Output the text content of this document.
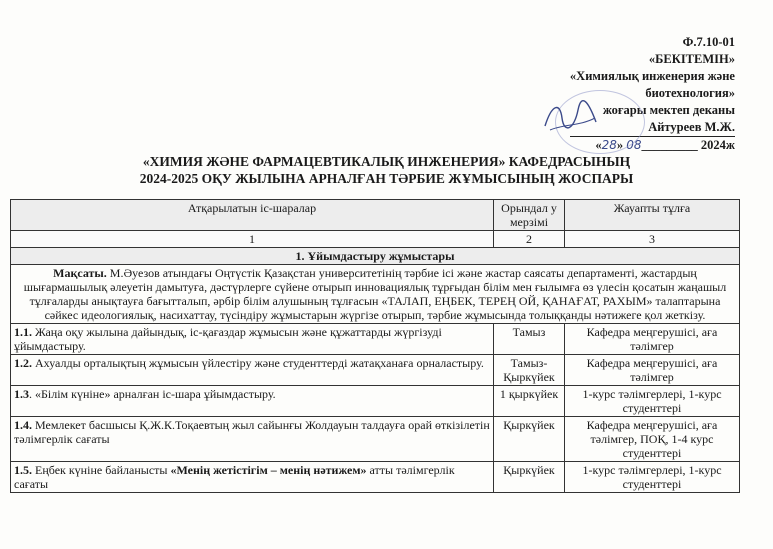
Ф.7.10-01
«БЕКІТЕМІН»
«Химиялық инженерия және
биотехнология»
жоғары мектеп деканы
Айтуреев М.Ж.
«28» 08_________ 2024ж
«ХИМИЯ ЖӘНЕ ФАРМАЦЕВТИКАЛЫҚ ИНЖЕНЕРИЯ» КАФЕДРАСЫНЫҢ
2024-2025 ОҚУ ЖЫЛЫНА АРНАЛҒАН ТӘРБИЕ ЖҰМЫСЫНЫҢ ЖОСПАРЫ
Атқарылатын іс-шаралар	Орындал у мерзімі	Жауапты тұлға
1	2	3
1. Ұйымдастыру жұмыстары		
Мақсаты. М.Әуезов атындағы Оңтүстік Қазақстан университетінің тәрбие ісі және жастар саясаты департаменті, жастардың шығармашылық әлеуетін дамытуға, дәстүрлерге сүйене отырып инновациялық тұрғыдан білім мен ғылымға өз үлесін қосатын жаңашыл тұлғаларды анықтауға бағытталып, әрбір білім алушының тұлғасын «ТАЛАП, ЕҢБЕК, ТЕРЕҢ ОЙ, ҚАНАҒАТ, РАХЫМ» талаптарына сәйкес идеологиялық, насихаттау, түсіндіру жұмыстарын жүргізе отырып, тәрбие жұмысында толыққанды нәтижеге қол жеткізу.		
1.1. Жаңа оқу жылына дайындық, іс-қағаздар жұмысын және құжаттарды жүргізуді ұйымдастыру.	Тамыз	Кафедра меңгерушісі, аға тәлімгер
1.2. Ахуалды орталықтың жұмысын үйлестіру және студенттерді жатақханаға орналастыру.	Тамыз- Қыркүйек	Кафедра меңгерушісі, аға тәлімгер
1.3. «Білім күніне» арналған іс-шара ұйымдастыру.	1 қыркүйек	1-курс тәлімгерлері, 1-курс студенттері
1.4. Мемлекет басшысы Қ.Ж.К.Тоқаевтың жыл сайынғы Жолдауын талдауға орай өткізілетін тәлімгерлік сағаты	Қыркүйек	Кафедра меңгерушісі, аға тәлімгер, ПОҚ, 1-4 курс студенттері
1.5. Еңбек күніне байланысты «Менің жетістігім – менің нәтижем» атты тәлімгерлік сағаты	Қыркүйек	1-курс тәлімгерлері, 1-курс студенттері
